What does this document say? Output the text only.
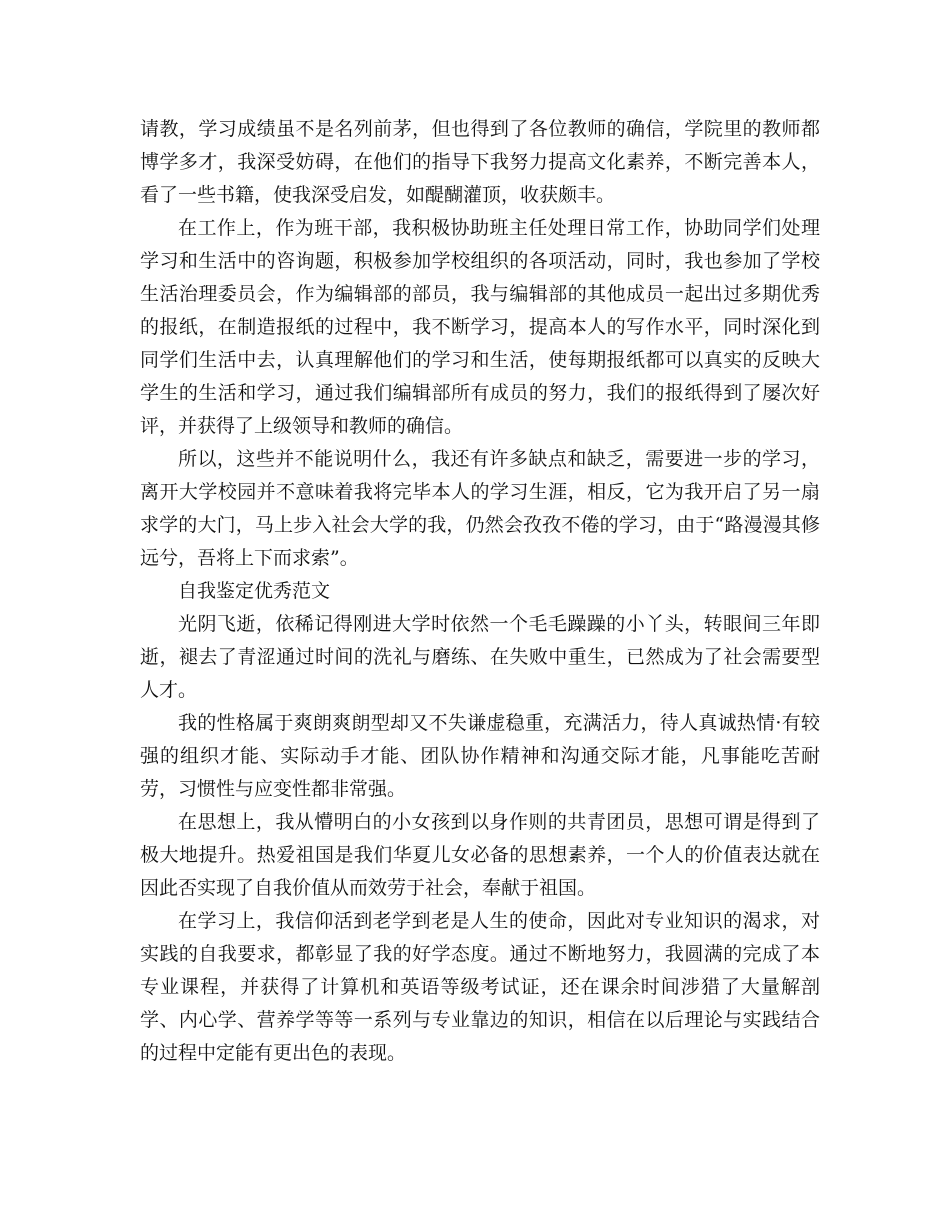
请教，学习成绩虽不是名列前茅，但也得到了各位教师的确信，学院里的教师都博学多才，我深受妨碍，在他们的指导下我努力提高文化素养，不断完善本人，看了一些书籍，使我深受启发，如醍醐灌顶，收获颇丰。

在工作上，作为班干部，我积极协助班主任处理日常工作，协助同学们处理学习和生活中的咨询题，积极参加学校组织的各项活动，同时，我也参加了学校生活治理委员会，作为编辑部的部员，我与编辑部的其他成员一起出过多期优秀的报纸，在制造报纸的过程中，我不断学习，提高本人的写作水平，同时深化到同学们生活中去，认真理解他们的学习和生活，使每期报纸都可以真实的反映大学生的生活和学习，通过我们编辑部所有成员的努力，我们的报纸得到了屡次好评，并获得了上级领导和教师的确信。

所以，这些并不能说明什么，我还有许多缺点和缺乏，需要进一步的学习，离开大学校园并不意味着我将完毕本人的学习生涯，相反，它为我开启了另一扇求学的大门，马上步入社会大学的我，仍然会孜孜不倦的学习，由于“路漫漫其修远兮，吾将上下而求索”。

自我鉴定优秀范文

光阴飞逝，依稀记得刚进大学时依然一个毛毛躁躁的小丫头，转眼间三年即逝，褪去了青涩通过时间的洗礼与磨练、在失败中重生，已然成为了社会需要型人才。

我的性格属于爽朗爽朗型却又不失谦虚稳重，充满活力，待人真诚热情·有较强的组织才能、实际动手才能、团队协作精神和沟通交际才能，凡事能吃苦耐劳，习惯性与应变性都非常强。

在思想上，我从懵明白的小女孩到以身作则的共青团员，思想可谓是得到了极大地提升。热爱祖国是我们华夏儿女必备的思想素养，一个人的价值表达就在因此否实现了自我价值从而效劳于社会，奉献于祖国。

在学习上，我信仰活到老学到老是人生的使命，因此对专业知识的渴求，对实践的自我要求，都彰显了我的好学态度。通过不断地努力，我圆满的完成了本专业课程，并获得了计算机和英语等级考试证，还在课余时间涉猎了大量解剖学、内心学、营养学等等一系列与专业靠边的知识，相信在以后理论与实践结合的过程中定能有更出色的表现。
